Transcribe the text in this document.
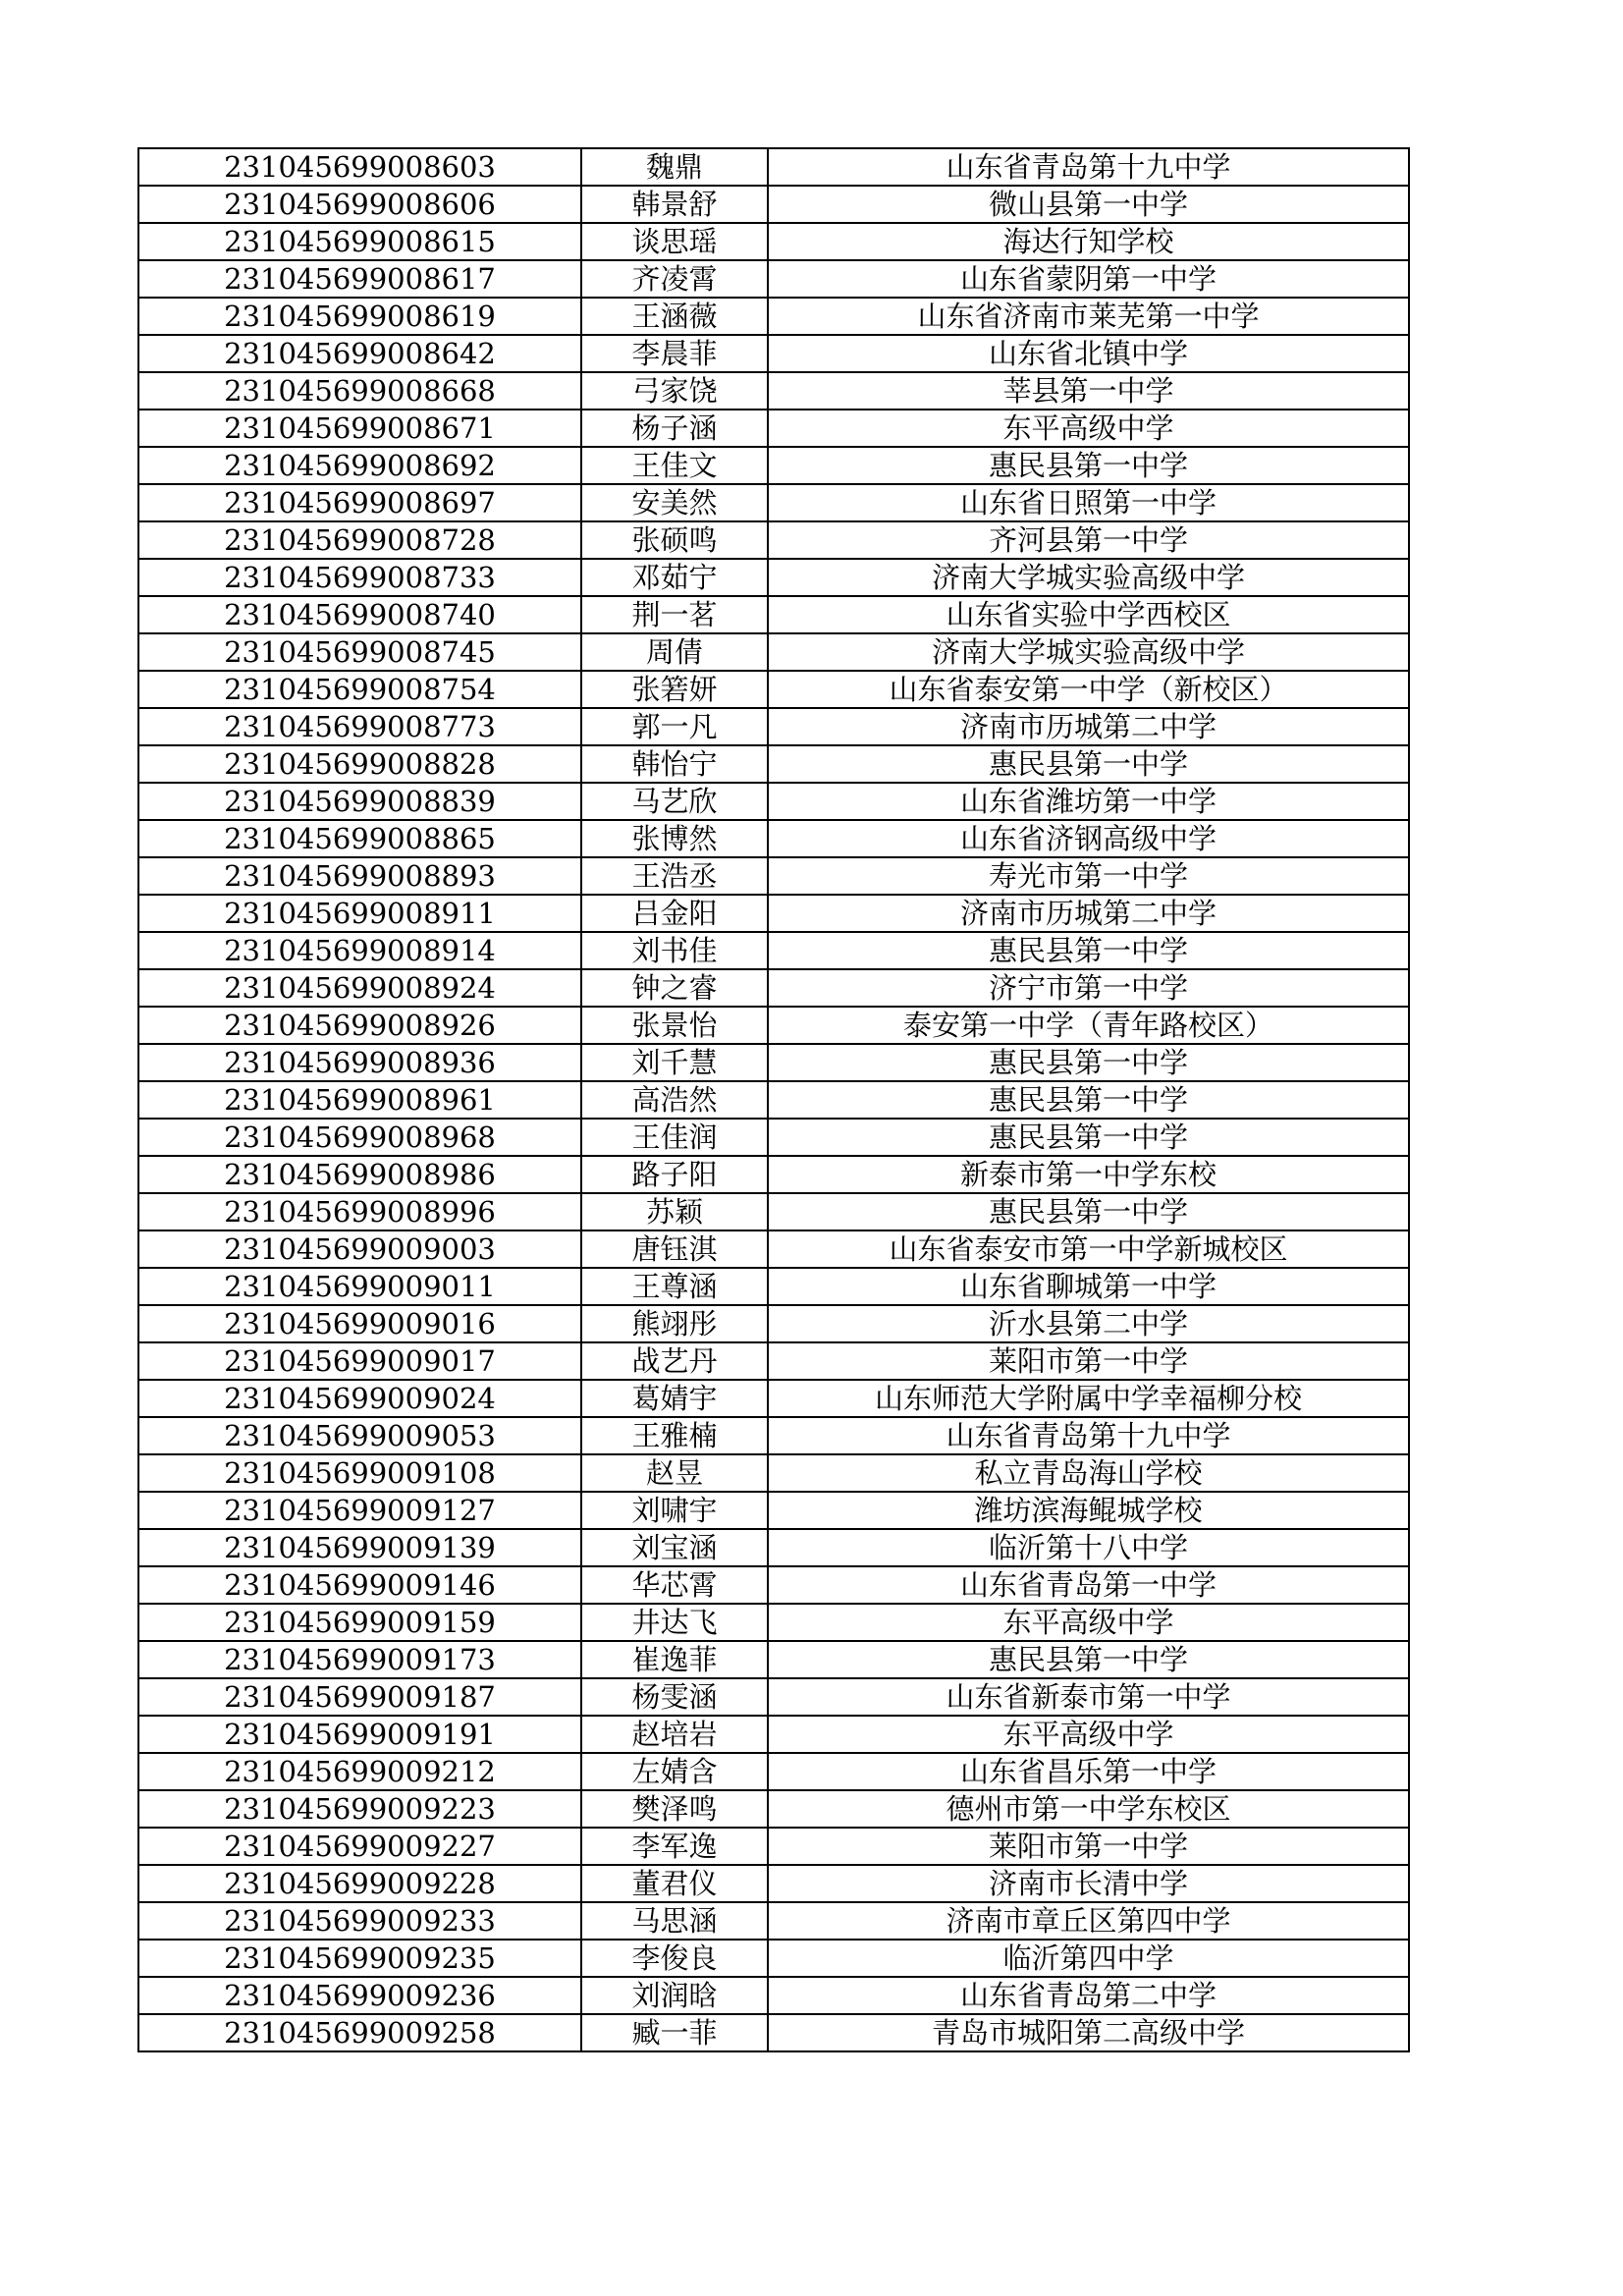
231045699008603	魏鼎	山东省青岛第十九中学
231045699008606	韩景舒	微山县第一中学
231045699008615	谈思瑶	海达行知学校
231045699008617	齐凌霄	山东省蒙阴第一中学
231045699008619	王涵薇	山东省济南市莱芜第一中学
231045699008642	李晨菲	山东省北镇中学
231045699008668	弓家饶	莘县第一中学
231045699008671	杨子涵	东平高级中学
231045699008692	王佳文	惠民县第一中学
231045699008697	安美然	山东省日照第一中学
231045699008728	张硕鸣	齐河县第一中学
231045699008733	邓茹宁	济南大学城实验高级中学
231045699008740	荆一茗	山东省实验中学西校区
231045699008745	周倩	济南大学城实验高级中学
231045699008754	张箬妍	山东省泰安第一中学（新校区）
231045699008773	郭一凡	济南市历城第二中学
231045699008828	韩怡宁	惠民县第一中学
231045699008839	马艺欣	山东省潍坊第一中学
231045699008865	张博然	山东省济钢高级中学
231045699008893	王浩丞	寿光市第一中学
231045699008911	吕金阳	济南市历城第二中学
231045699008914	刘书佳	惠民县第一中学
231045699008924	钟之睿	济宁市第一中学
231045699008926	张景怡	泰安第一中学（青年路校区）
231045699008936	刘千慧	惠民县第一中学
231045699008961	高浩然	惠民县第一中学
231045699008968	王佳润	惠民县第一中学
231045699008986	路子阳	新泰市第一中学东校
231045699008996	苏颖	惠民县第一中学
231045699009003	唐钰淇	山东省泰安市第一中学新城校区
231045699009011	王尊涵	山东省聊城第一中学
231045699009016	熊翊彤	沂水县第二中学
231045699009017	战艺丹	莱阳市第一中学
231045699009024	葛婧宇	山东师范大学附属中学幸福柳分校
231045699009053	王雅楠	山东省青岛第十九中学
231045699009108	赵昱	私立青岛海山学校
231045699009127	刘啸宇	潍坊滨海鲲城学校
231045699009139	刘宝涵	临沂第十八中学
231045699009146	华芯霄	山东省青岛第一中学
231045699009159	井达飞	东平高级中学
231045699009173	崔逸菲	惠民县第一中学
231045699009187	杨雯涵	山东省新泰市第一中学
231045699009191	赵培岩	东平高级中学
231045699009212	左婧含	山东省昌乐第一中学
231045699009223	樊泽鸣	德州市第一中学东校区
231045699009227	李军逸	莱阳市第一中学
231045699009228	董君仪	济南市长清中学
231045699009233	马思涵	济南市章丘区第四中学
231045699009235	李俊良	临沂第四中学
231045699009236	刘润晗	山东省青岛第二中学
231045699009258	臧一菲	青岛市城阳第二高级中学
